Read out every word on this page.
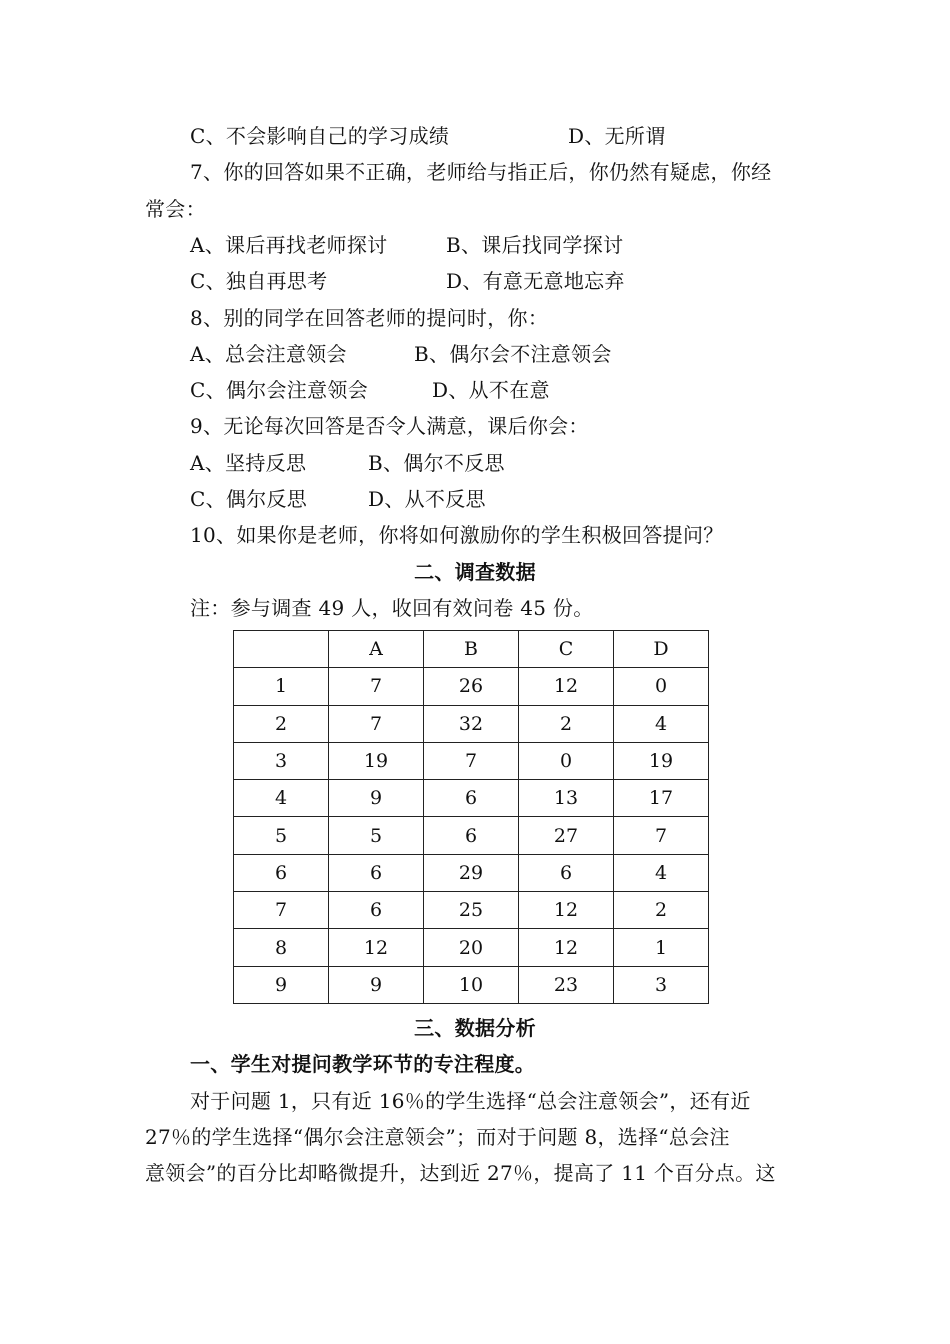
C、不会影响自己的学习成绩	D、无所谓
7、你的回答如果不正确，老师给与指正后，你仍然有疑虑，你经
常会：
A、课后再找老师探讨	B、课后找同学探讨
C、独自再思考	D、有意无意地忘弃
8、别的同学在回答老师的提问时，你：
A、总会注意领会	B、偶尔会不注意领会
C、偶尔会注意领会	D、从不在意
9、无论每次回答是否令人满意，课后你会：
A、坚持反思	B、偶尔不反思
C、偶尔反思	D、从不反思
10、如果你是老师，你将如何激励你的学生积极回答提问？
二、调查数据
注：参与调查 49 人，收回有效问卷 45 份。
	A	B	C	D
1	7	26	12	0
2	7	32	2	4
3	19	7	0	19
4	9	6	13	17
5	5	6	27	7
6	6	29	6	4
7	6	25	12	2
8	12	20	12	1
9	9	10	23	3
三、数据分析
一、学生对提问教学环节的专注程度。
对于问题 1，只有近 16％的学生选择“总会注意领会”，还有近
27％的学生选择“偶尔会注意领会”；而对于问题 8，选择“总会注
意领会”的百分比却略微提升，达到近 27％，提高了 11 个百分点。这
